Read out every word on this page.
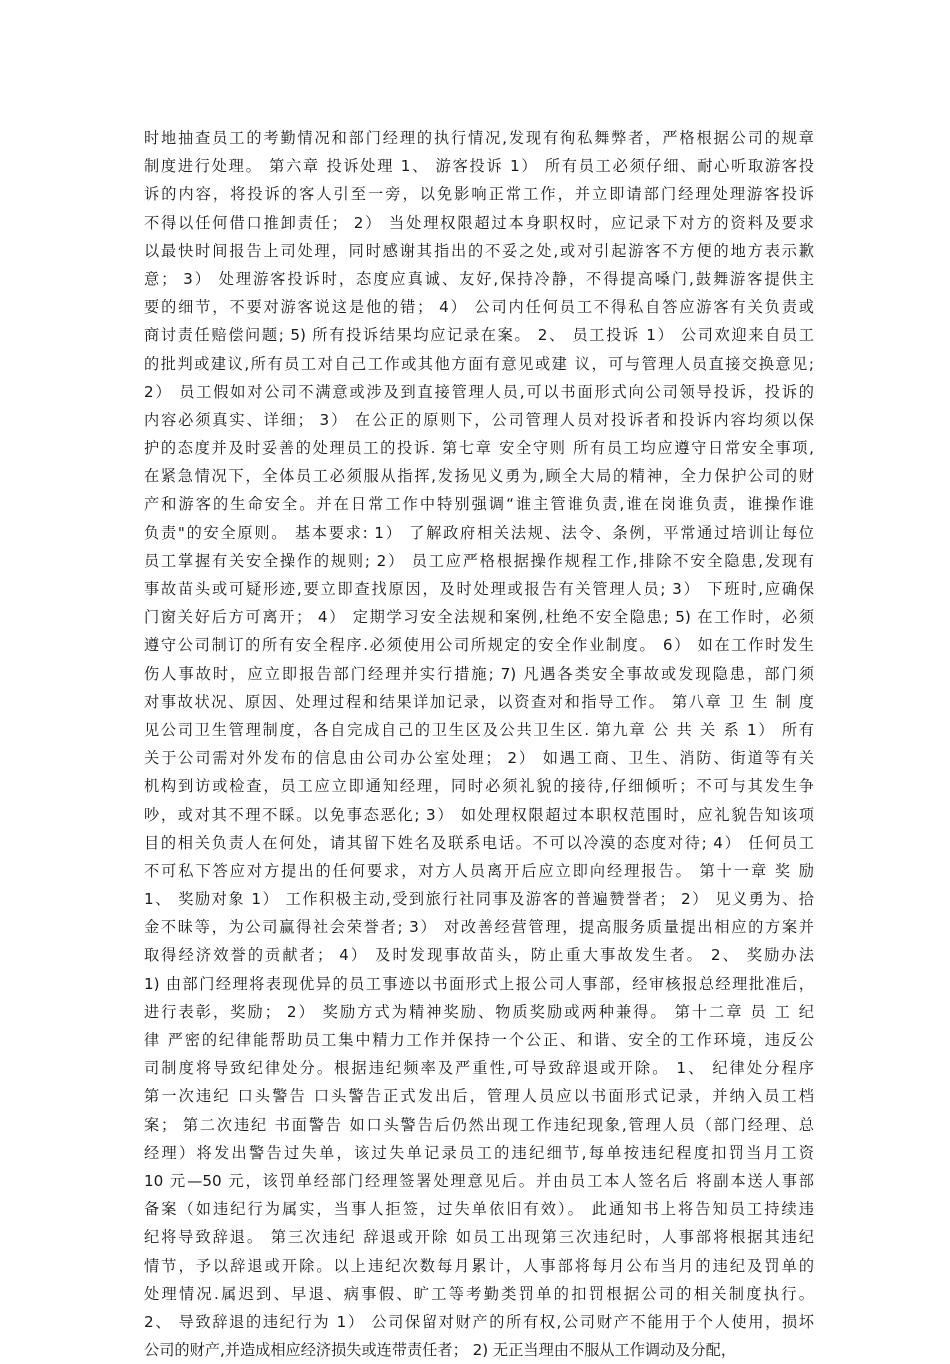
时地抽查员工的考勤情况和部门经理的执行情况,发现有徇私舞弊者，严格根据公司的规章
制度进行处理。 第六章 投诉处理 1、 游客投诉 1） 所有员工必须仔细、耐心听取游客投
诉的内容，将投诉的客人引至一旁，以免影响正常工作，并立即请部门经理处理游客投诉
不得以任何借口推卸责任； 2） 当处理权限超过本身职权时，应记录下对方的资料及要求
以最快时间报告上司处理，同时感谢其指出的不妥之处,或对引起游客不方便的地方表示歉
意； 3） 处理游客投诉时，态度应真诚、友好,保持冷静，不得提高嗓门,鼓舞游客提供主
要的细节，不要对游客说这是他的错； 4） 公司内任何员工不得私自答应游客有关负责或
商讨责任赔偿问题; 5) 所有投诉结果均应记录在案。 2、 员工投诉 1） 公司欢迎来自员工
的批判或建议,所有员工对自己工作或其他方面有意见或建 议，可与管理人员直接交换意见;
2） 员工假如对公司不满意或涉及到直接管理人员,可以书面形式向公司领导投诉，投诉的
内容必须真实、详细； 3） 在公正的原则下，公司管理人员对投诉者和投诉内容均须以保
护的态度并及时妥善的处理员工的投诉. 第七章 安全守则 所有员工均应遵守日常安全事项,
在紧急情况下，全体员工必须服从指挥,发扬见义勇为,顾全大局的精神，全力保护公司的财
产和游客的生命安全。并在日常工作中特别强调“谁主管谁负责,谁在岗谁负责，谁操作谁
负责"的安全原则。 基本要求: 1） 了解政府相关法规、法令、条例，平常通过培训让每位
员工掌握有关安全操作的规则; 2） 员工应严格根据操作规程工作,排除不安全隐患,发现有
事故苗头或可疑形迹,要立即查找原因，及时处理或报告有关管理人员; 3） 下班时,应确保
门窗关好后方可离开； 4） 定期学习安全法规和案例,杜绝不安全隐患; 5) 在工作时，必须
遵守公司制订的所有安全程序.必须使用公司所规定的安全作业制度。 6） 如在工作时发生
伤人事故时，应立即报告部门经理并实行措施; 7) 凡遇各类安全事故或发现隐患，部门须
对事故状况、原因、处理过程和结果详加记录，以资查对和指导工作。 第八章 卫 生 制 度
见公司卫生管理制度，各自完成自己的卫生区及公共卫生区. 第九章 公 共 关 系 1） 所有
关于公司需对外发布的信息由公司办公室处理； 2） 如遇工商、卫生、消防、街道等有关
机构到访或检查，员工应立即通知经理，同时必须礼貌的接待,仔细倾听；不可与其发生争
吵，或对其不理不睬。以免事态恶化; 3） 如处理权限超过本职权范围时，应礼貌告知该项
目的相关负责人在何处，请其留下姓名及联系电话。不可以冷漠的态度对待; 4） 任何员工
不可私下答应对方提出的任何要求，对方人员离开后应立即向经理报告。 第十一章 奖 励
1、 奖励对象 1） 工作积极主动,受到旅行社同事及游客的普遍赞誉者； 2） 见义勇为、拾
金不昧等，为公司赢得社会荣誉者; 3） 对改善经营管理，提高服务质量提出相应的方案并
取得经济效誉的贡献者； 4） 及时发现事故苗头，防止重大事故发生者。 2、 奖励办法
1) 由部门经理将表现优异的员工事迹以书面形式上报公司人事部，经审核报总经理批准后，
进行表彰，奖励； 2） 奖励方式为精神奖励、物质奖励或两种兼得。 第十二章 员 工 纪
律 严密的纪律能帮助员工集中精力工作并保持一个公正、和谐、安全的工作环境，违反公
司制度将导致纪律处分。根据违纪频率及严重性,可导致辞退或开除。 1、 纪律处分程序
第一次违纪 口头警告 口头警告正式发出后，管理人员应以书面形式记录，并纳入员工档
案； 第二次违纪 书面警告 如口头警告后仍然出现工作违纪现象,管理人员（部门经理、总
经理）将发出警告过失单，该过失单记录员工的违纪细节,每单按违纪程度扣罚当月工资
10 元—50 元，该罚单经部门经理签署处理意见后。并由员工本人签名后 将副本送人事部
备案（如违纪行为属实，当事人拒签，过失单依旧有效）。 此通知书上将告知员工持续违
纪将导致辞退。 第三次违纪 辞退或开除 如员工出现第三次违纪时，人事部将根据其违纪
情节，予以辞退或开除。以上违纪次数每月累计，人事部将每月公布当月的违纪及罚单的
处理情况.属迟到、早退、病事假、旷工等考勤类罚单的扣罚根据公司的相关制度执行。
2、 导致辞退的违纪行为 1） 公司保留对财产的所有权,公司财产不能用于个人使用，损坏
公司的财产,并造成相应经济损失或连带责任者； 2) 无正当理由不服从工作调动及分配，
